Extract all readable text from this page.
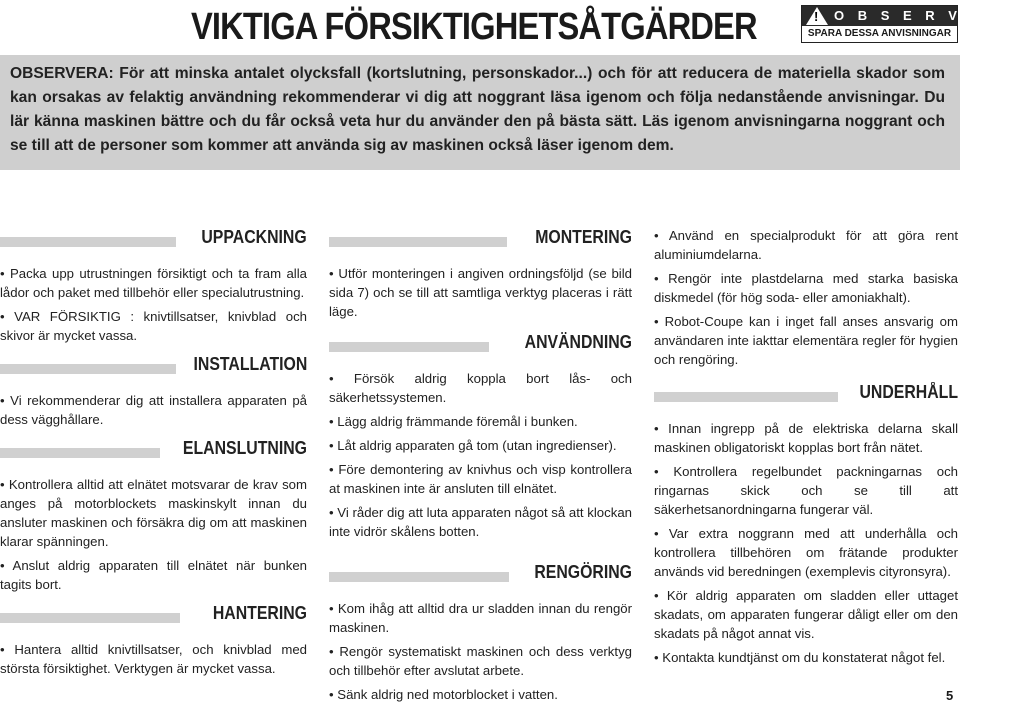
VIKTIGA FÖRSIKTIGHETSÅTGÄRDER	! O B S E R V E R A
SPARA DESSA ANVISNINGAR

OBSERVERA: För att minska antalet olycksfall (kortslutning, personskador...) och för att reducera de materiella skador som kan orsakas av felaktig användning rekommenderar vi dig att noggrant läsa igenom och följa nedanstående anvisningar. Du lär känna maskinen bättre och du får också veta hur du använder den på bästa sätt. Läs igenom anvisningarna noggrant och se till att de personer som kommer att använda sig av maskinen också läser igenom dem.

UPPACKNING

• Packa upp utrustningen försiktigt och ta fram alla lådor och paket med tillbehör eller specialutrustning.

• VAR FÖRSIKTIG : knivtillsatser, knivblad och skivor är mycket vassa.

INSTALLATION

• Vi rekommenderar dig att installera apparaten på dess vägghållare.

ELANSLUTNING

• Kontrollera alltid att elnätet motsvarar de krav som anges på motorblockets maskinskylt innan du ansluter maskinen och försäkra dig om att maskinen klarar spänningen.

• Anslut aldrig apparaten till elnätet när bunken tagits bort.

HANTERING

• Hantera alltid knivtillsatser, och knivblad med största försiktighet. Verktygen är mycket vassa.

MONTERING

• Utför monteringen i angiven ordningsföljd (se bild sida 7) och se till att samtliga verktyg placeras i rätt läge.

ANVÄNDNING

• Försök aldrig koppla bort lås- och säkerhetssystemen.

• Lägg aldrig främmande föremål i bunken.

• Låt aldrig apparaten gå tom (utan ingredienser).

• Före demontering av knivhus och visp kontrollera at maskinen inte är ansluten till elnätet.

• Vi råder dig att luta apparaten något så att klockan inte vidrör skålens botten.

RENGÖRING

• Kom ihåg att alltid dra ur sladden innan du rengör maskinen.

• Rengör systematiskt maskinen och dess verktyg och tillbehör efter avslutat arbete.

• Sänk aldrig ned motorblocket i vatten.

• Använd en specialprodukt för att göra rent aluminiumdelarna.

• Rengör inte plastdelarna med starka basiska diskmedel (för hög soda- eller amoniakhalt).

• Robot-Coupe kan i inget fall anses ansvarig om användaren inte iakttar elementära regler för hygien och rengöring.

UNDERHÅLL

• Innan ingrepp på de elektriska delarna skall maskinen obligatoriskt kopplas bort från nätet.

• Kontrollera regelbundet packningarnas och ringarnas skick och se till att säkerhetsanordningarna fungerar väl.

• Var extra noggrann med att underhålla och kontrollera tillbehören om frätande produkter används vid beredningen (exemplevis cityronsyra).

• Kör aldrig apparaten om sladden eller uttaget skadats, om apparaten fungerar dåligt eller om den skadats på något annat vis.

• Kontakta kundtjänst om du konstaterat något fel.

5
